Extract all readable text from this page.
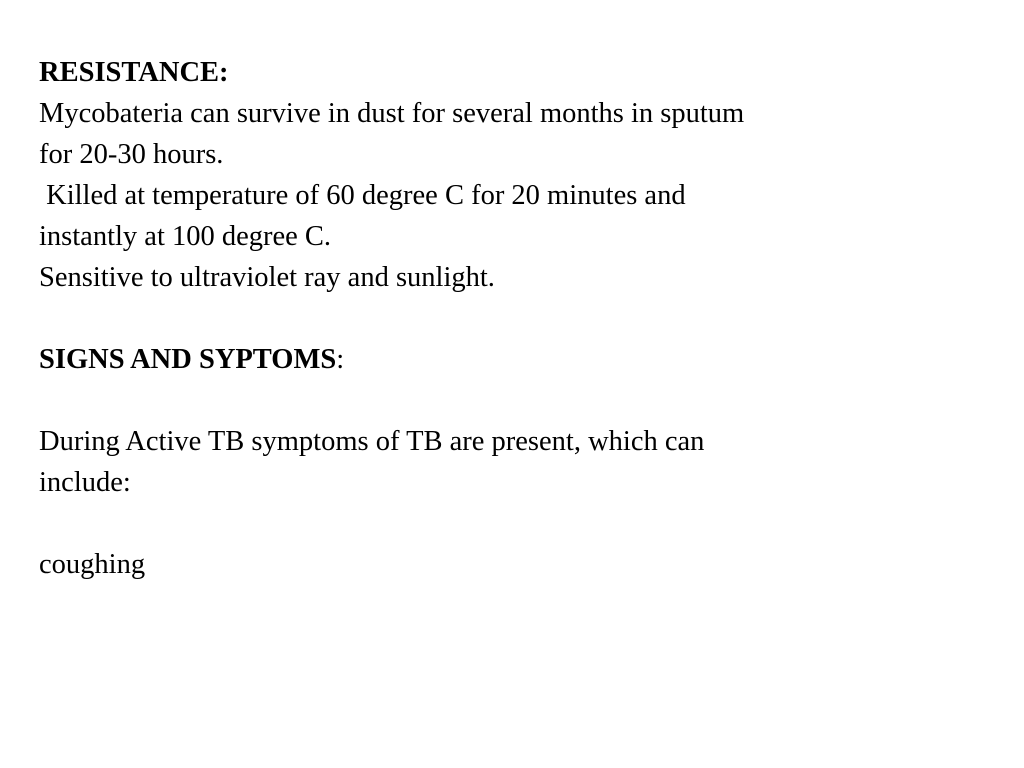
RESISTANCE:
Mycobateria can survive in dust for several months in sputum
for 20-30 hours.
Killed at temperature of 60 degree C for 20 minutes and
instantly at 100 degree C.
Sensitive to ultraviolet ray and sunlight.
SIGNS AND SYPTOMS:
During Active TB symptoms of TB are present, which can
include:
coughing
